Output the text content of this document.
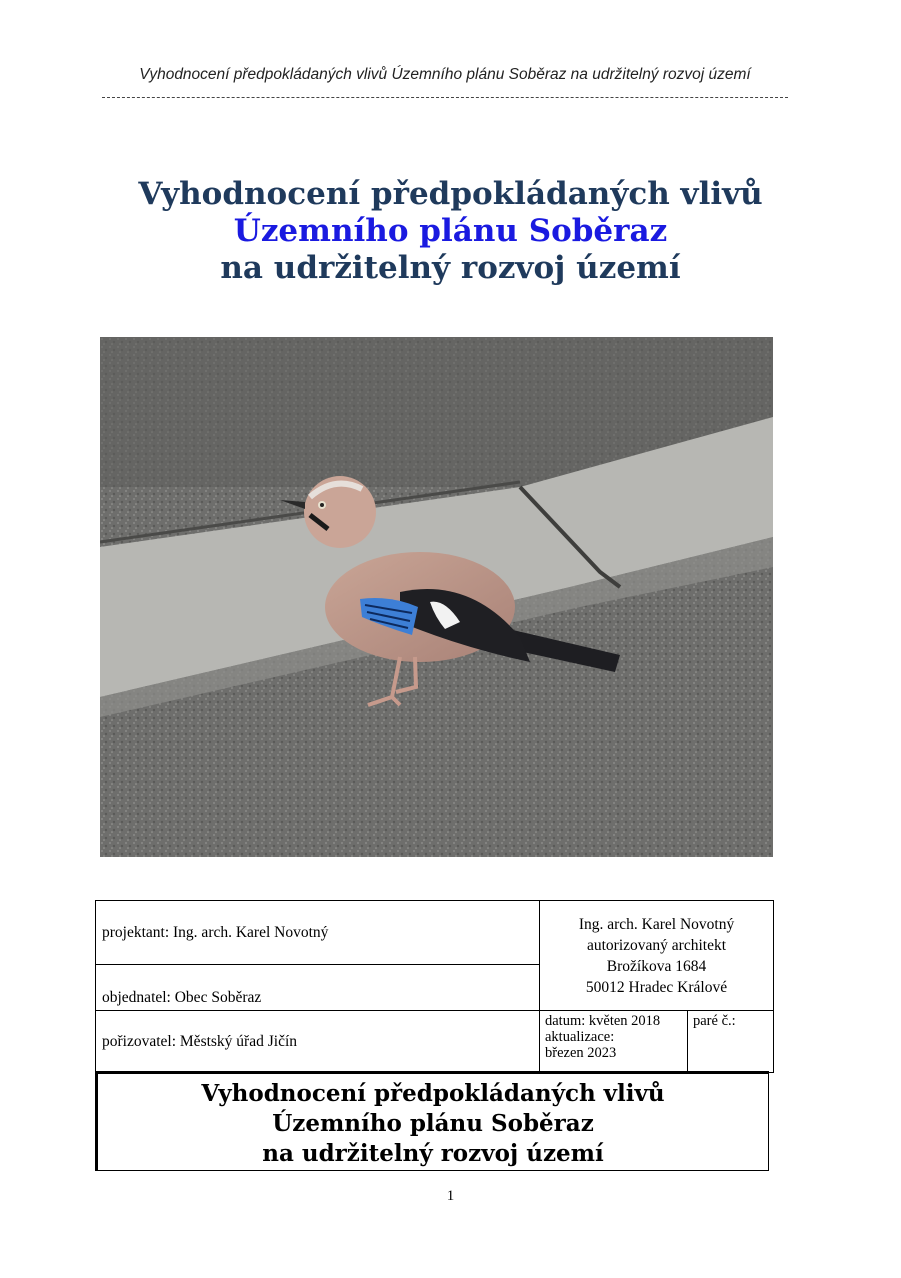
Vyhodnocení předpokládaných vlivů Územního plánu Soběraz na udržitelný rozvoj území
Vyhodnocení předpokládaných vlivů
Územního plánu Soběraz
na udržitelný rozvoj území
projektant: Ing. arch. Karel Novotný	Ing. arch. Karel Novotný
autorizovaný architekt
Brožíkova 1684
50012 Hradec Králové	

objednatel: Obec Soběraz		
pořizovatel: Městský úřad Jičín	datum: květen 2018
aktualizace:
březen 2023	paré č.:
Vyhodnocení předpokládaných vlivů
Územního plánu Soběraz
na udržitelný rozvoj území
1
